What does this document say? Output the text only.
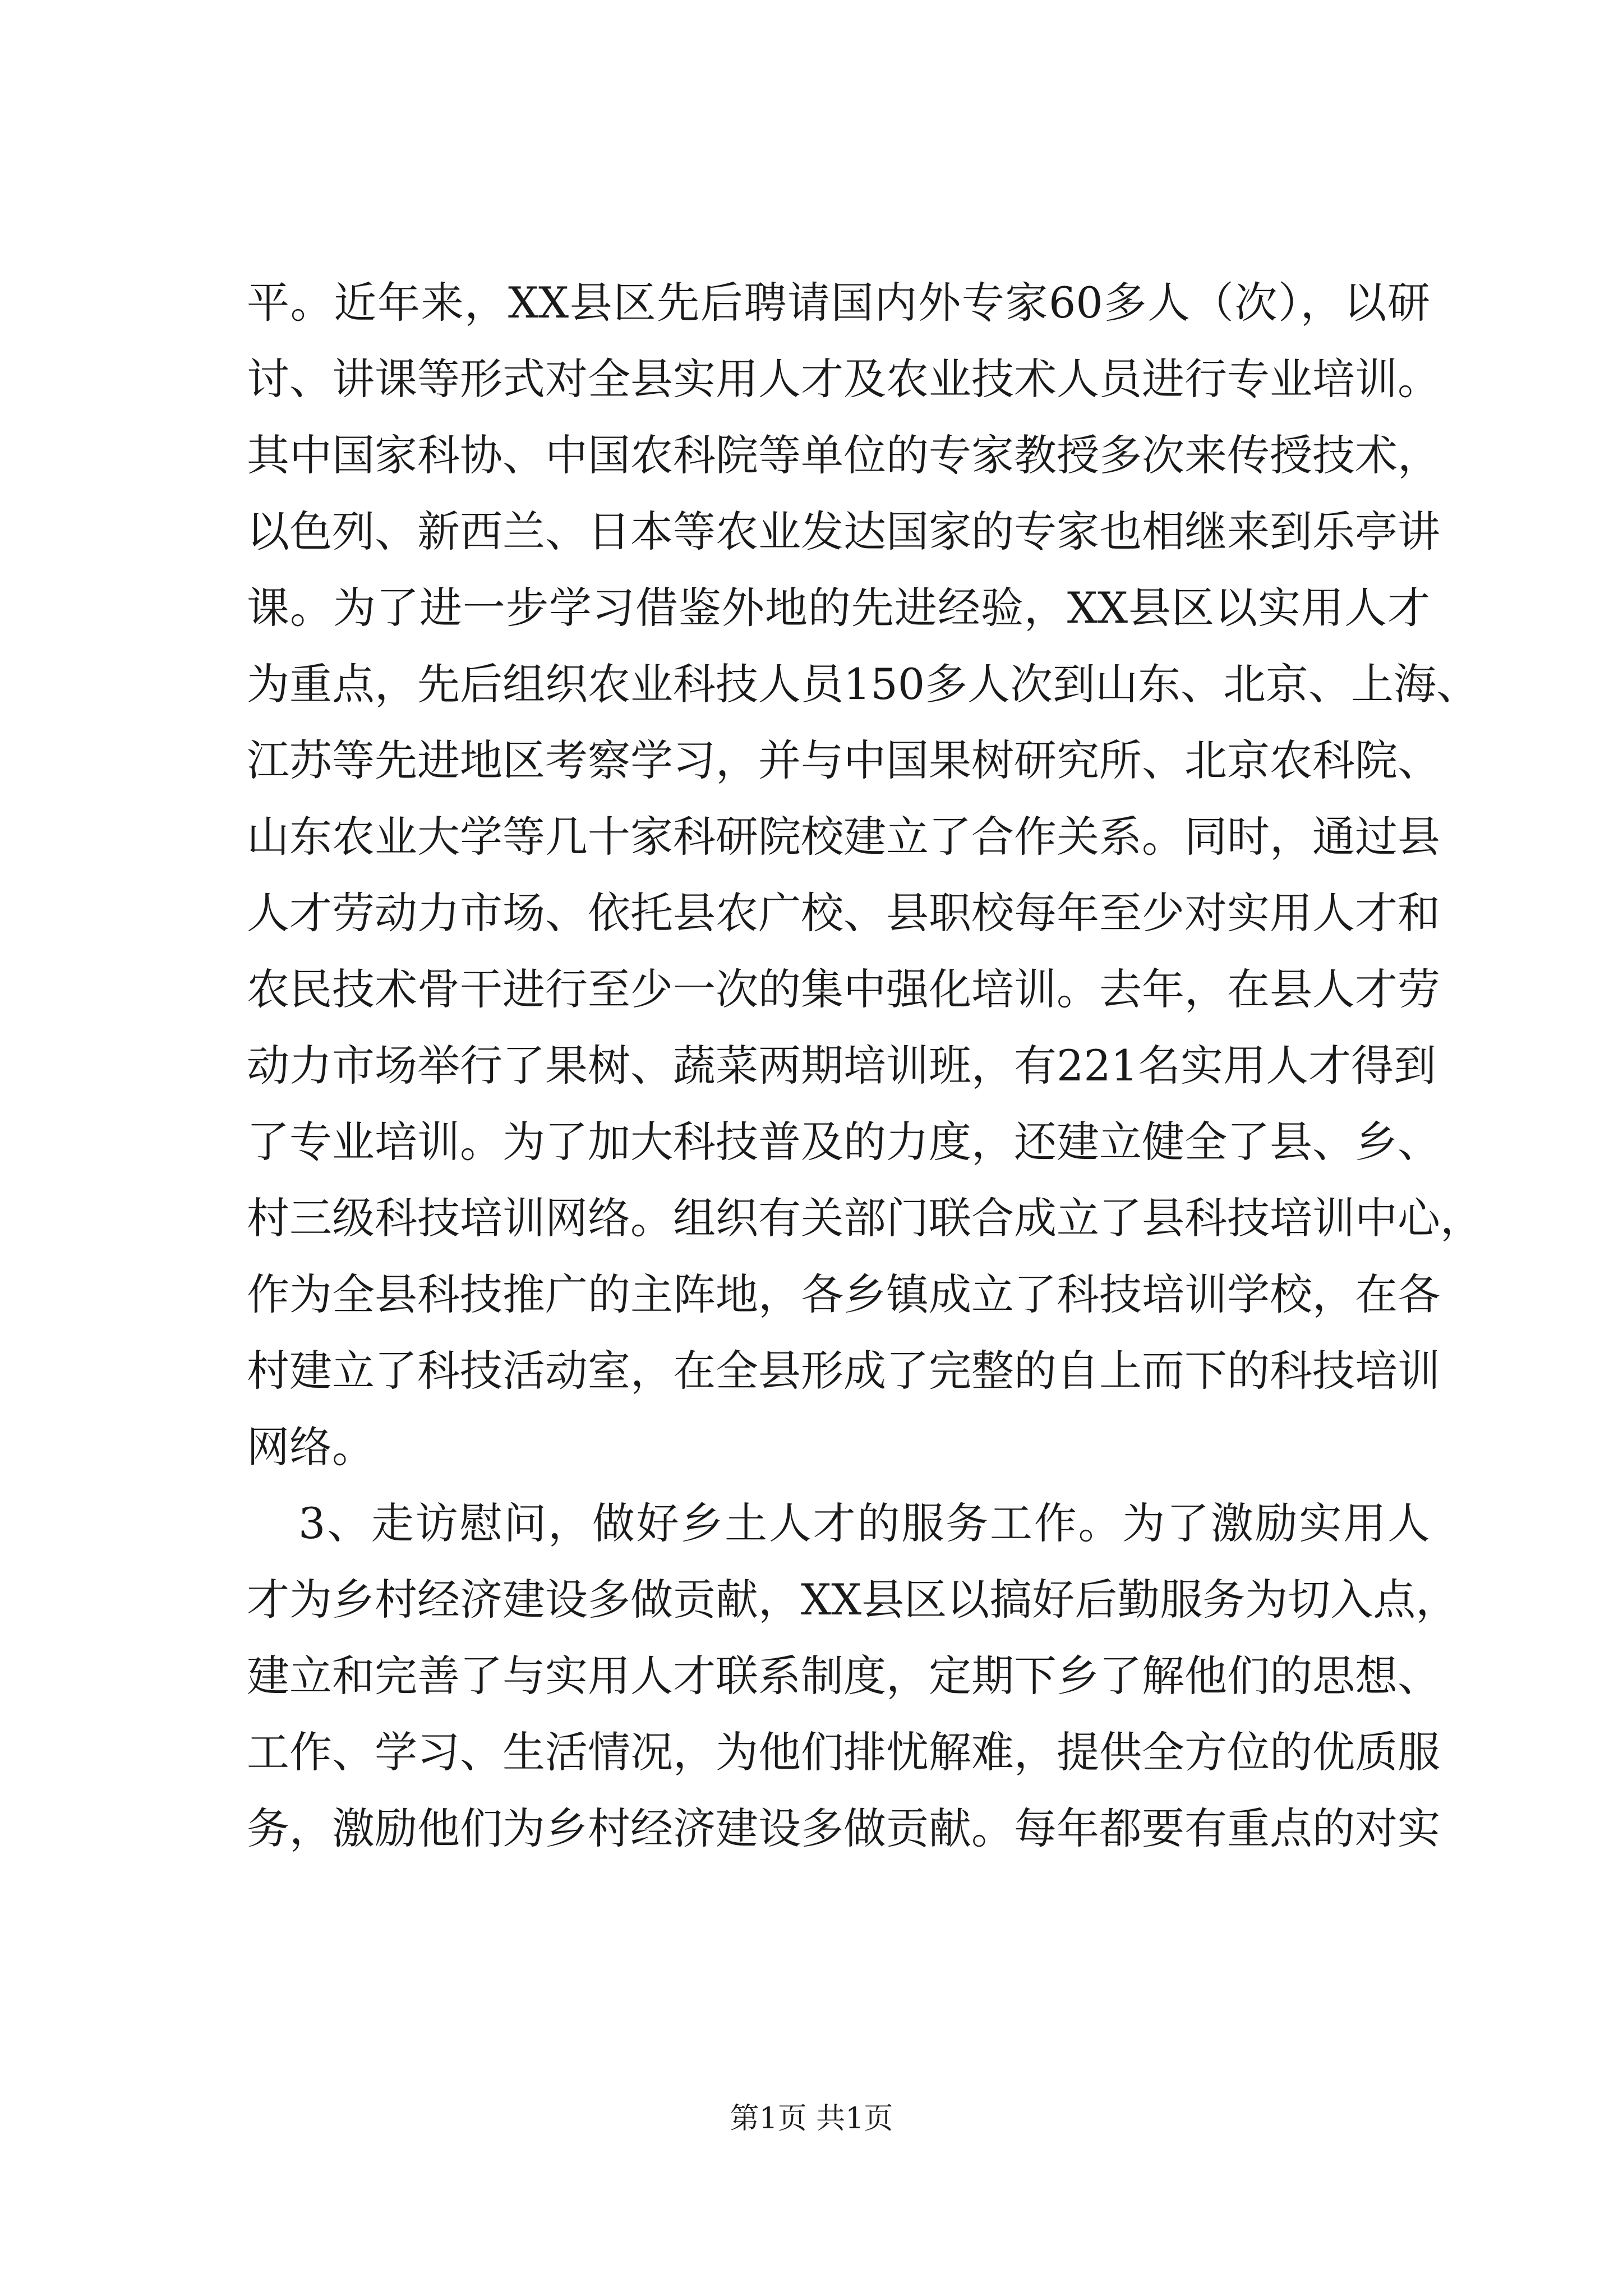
平。近年来，XX县区先后聘请国内外专家60多人（次），以研
讨、讲课等形式对全县实用人才及农业技术人员进行专业培训。
其中国家科协、中国农科院等单位的专家教授多次来传授技术，
以色列、新西兰、日本等农业发达国家的专家也相继来到乐亭讲
课。为了进一步学习借鉴外地的先进经验，XX县区以实用人才
为重点，先后组织农业科技人员150多人次到山东、北京、上海、
江苏等先进地区考察学习，并与中国果树研究所、北京农科院、
山东农业大学等几十家科研院校建立了合作关系。同时，通过县
人才劳动力市场、依托县农广校、县职校每年至少对实用人才和
农民技术骨干进行至少一次的集中强化培训。去年，在县人才劳
动力市场举行了果树、蔬菜两期培训班，有221名实用人才得到
了专业培训。为了加大科技普及的力度，还建立健全了县、乡、
村三级科技培训网络。组织有关部门联合成立了县科技培训中心，
作为全县科技推广的主阵地，各乡镇成立了科技培训学校，在各
村建立了科技活动室，在全县形成了完整的自上而下的科技培训
网络。
3、走访慰问，做好乡土人才的服务工作。为了激励实用人
才为乡村经济建设多做贡献，XX县区以搞好后勤服务为切入点，
建立和完善了与实用人才联系制度，定期下乡了解他们的思想、
工作、学习、生活情况，为他们排忧解难，提供全方位的优质服
务，激励他们为乡村经济建设多做贡献。每年都要有重点的对实
第1页 共1页
